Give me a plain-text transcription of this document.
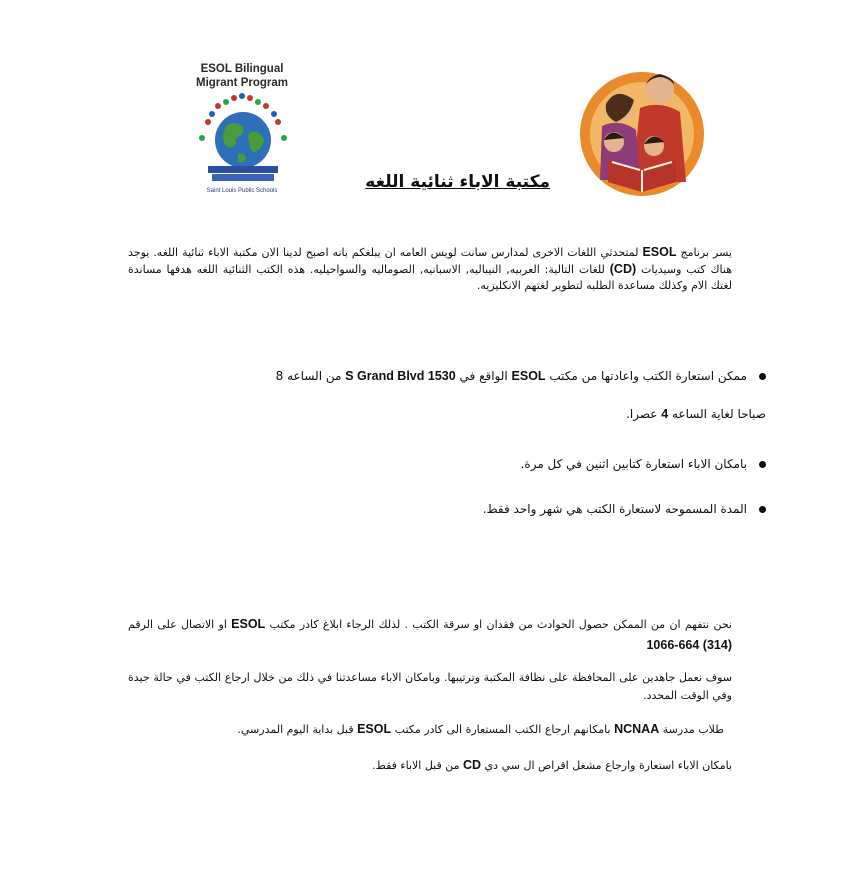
ESOL Bilingual
Migrant Program
Saint Louis Public Schools	مكتبة الاباء ثنائية اللغه
يسر برنامج ESOL لمتحدثي اللغات الاخرى لمدارس سانت لويس العامه ان يبلغكم بانه اصبح لدينا الان مكتبة الاباء ثنائية اللغه. يوجد هناك كتب وسيديات (CD) للغات التالية: العربيه, النيباليه, الاسبانيه, الصوماليه والسواحيليه. هذه الكتب الثنائية اللغه هدفها مساندة لغتك الام وكذلك مساعدة الطلبه لتطوير لغتهم الانكليزيه.
ممكن استعارة الكتب واعادتها من مكتب ESOL الواقع في 1530 S Grand Blvd من الساعه 8
صباحا لغاية الساعه 4 عصرا.
بامكان الاباء استعارة كتابين اثنين في كل مرة.
المدة المسموحه لاستعارة الكتب هي شهر واحد فقط.
نحن نتفهم ان من الممكن حصول الحوادث من فقدان او سرقة الكتب . لذلك الرجاء ابلاغ كادر مكتب ESOL او الاتصال على الرقم (314) 664-1066
سوف نعمل جاهدين على المحافظة على نظافة المكتبة وترتيبها. وبامكان الاباء مساعدتنا في ذلك من خلال ارجاع الكتب في حالة جيدة وفي الوقت المحدد.
طلاب مدرسة NCNAA بامكانهم ارجاع الكتب المستعارة الى كادر مكتب ESOL قبل بداية اليوم المدرسي.
بامكان الاباء استعارة وارجاع مشغل اقراص ال سي دي CD من قبل الاباء فقط.
